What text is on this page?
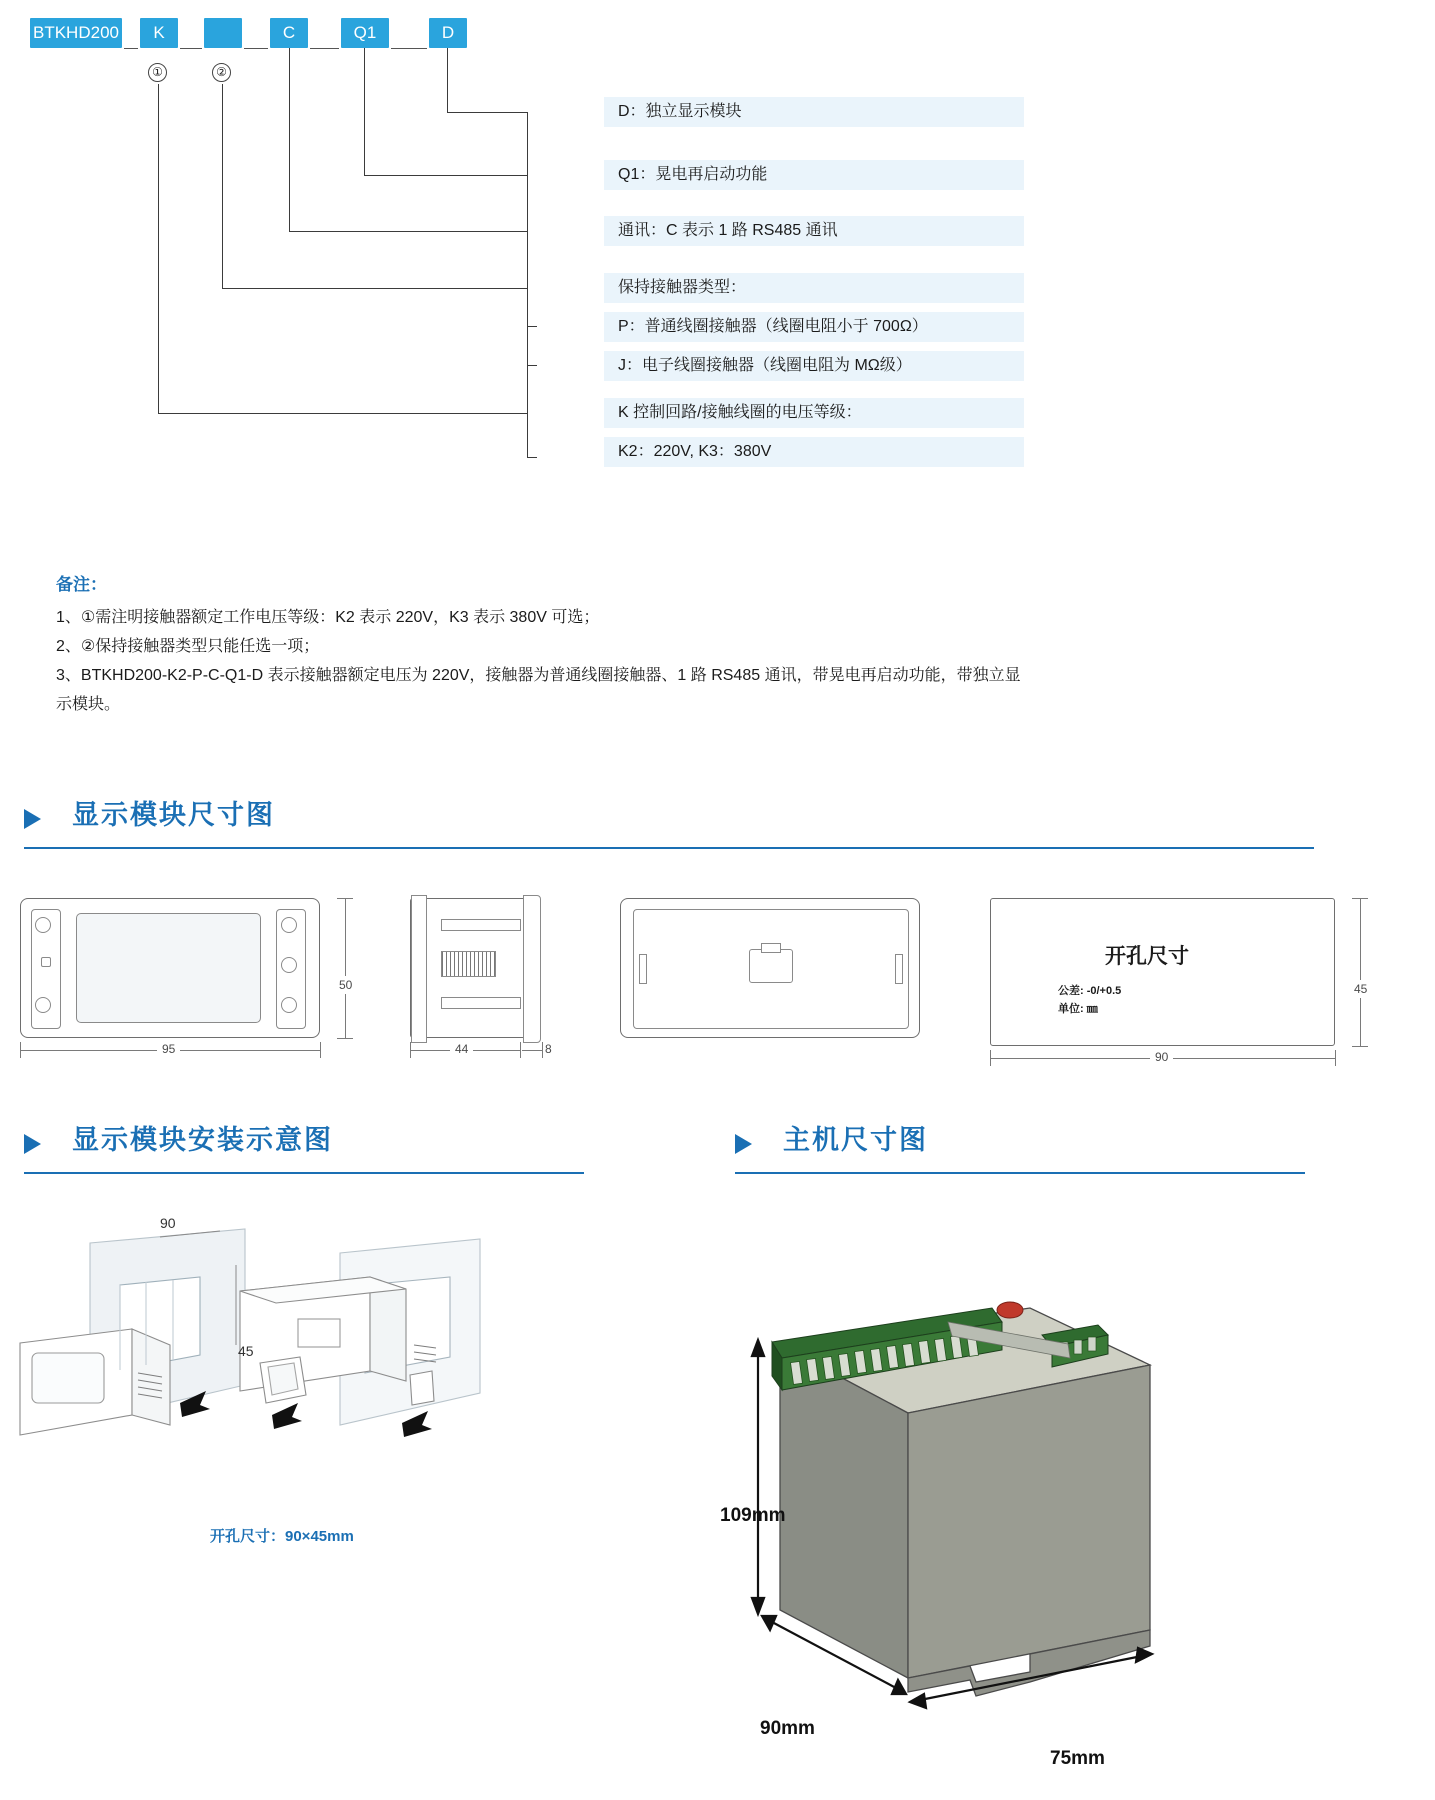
BTKHD200	K	C	Q1	D
①	②
D：独立显示模块
Q1：晃电再启动功能
通讯：C 表示 1 路 RS485 通讯
保持接触器类型：
P：普通线圈接触器（线圈电阻小于 700Ω）
J：电子线圈接触器（线圈电阻为 MΩ级）
K 控制回路/接触线圈的电压等级：
K2：220V, K3：380V
备注：
1、①需注明接触器额定工作电压等级：K2 表示 220V，K3 表示 380V 可选；
2、②保持接触器类型只能任选一项；
3、BTKHD200-K2-P-C-Q1-D 表示接触器额定电压为 220V，接触器为普通线圈接触器、1 路 RS485 通讯，带晃电再启动功能，带独立显
示模块。
显示模块尺寸图
95
50
44	8
开孔尺寸
公差: -0/+0.5
单位: ㎜
90
45
显示模块安装示意图	主机尺寸图
90
45
开孔尺寸：90×45mm
109mm
90mm
75mm
